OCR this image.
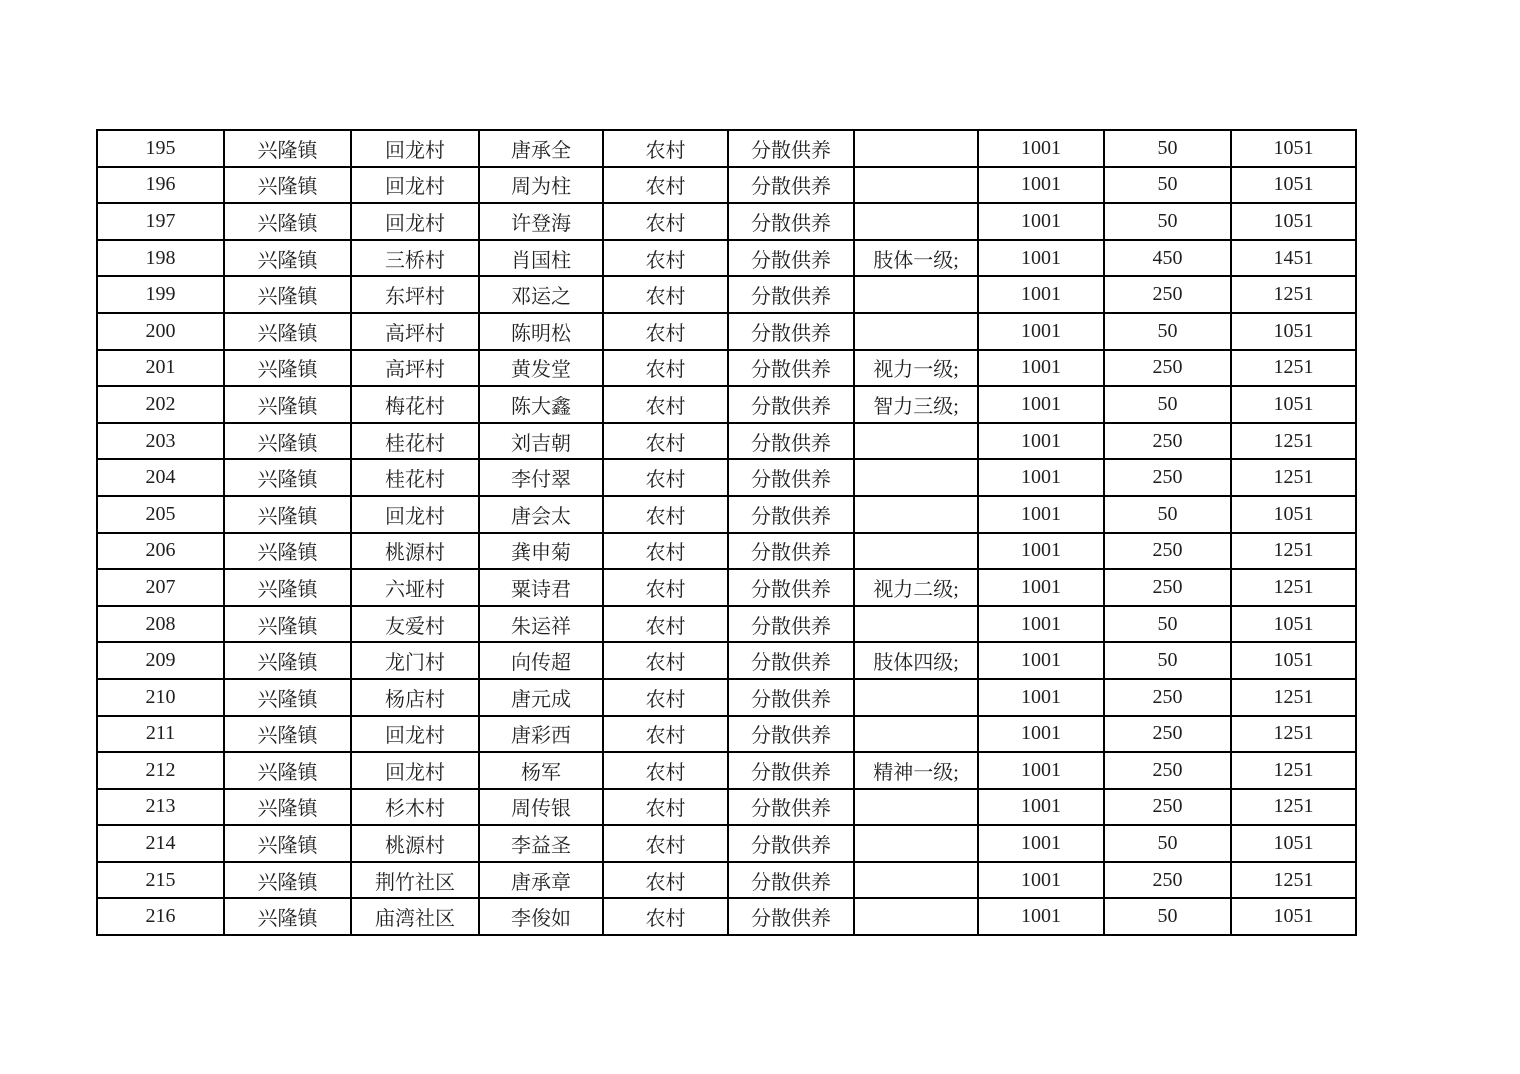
195	兴隆镇	回龙村	唐承全	农村	分散供养		1001	50	1051
196	兴隆镇	回龙村	周为柱	农村	分散供养		1001	50	1051
197	兴隆镇	回龙村	许登海	农村	分散供养		1001	50	1051
198	兴隆镇	三桥村	肖国柱	农村	分散供养	肢体一级;	1001	450	1451
199	兴隆镇	东坪村	邓运之	农村	分散供养		1001	250	1251
200	兴隆镇	高坪村	陈明松	农村	分散供养		1001	50	1051
201	兴隆镇	高坪村	黄发堂	农村	分散供养	视力一级;	1001	250	1251
202	兴隆镇	梅花村	陈大鑫	农村	分散供养	智力三级;	1001	50	1051
203	兴隆镇	桂花村	刘吉朝	农村	分散供养		1001	250	1251
204	兴隆镇	桂花村	李付翠	农村	分散供养		1001	250	1251
205	兴隆镇	回龙村	唐会太	农村	分散供养		1001	50	1051
206	兴隆镇	桃源村	龚申菊	农村	分散供养		1001	250	1251
207	兴隆镇	六垭村	粟诗君	农村	分散供养	视力二级;	1001	250	1251
208	兴隆镇	友爱村	朱运祥	农村	分散供养		1001	50	1051
209	兴隆镇	龙门村	向传超	农村	分散供养	肢体四级;	1001	50	1051
210	兴隆镇	杨店村	唐元成	农村	分散供养		1001	250	1251
211	兴隆镇	回龙村	唐彩西	农村	分散供养		1001	250	1251
212	兴隆镇	回龙村	杨军	农村	分散供养	精神一级;	1001	250	1251
213	兴隆镇	杉木村	周传银	农村	分散供养		1001	250	1251
214	兴隆镇	桃源村	李益圣	农村	分散供养		1001	50	1051
215	兴隆镇	荆竹社区	唐承章	农村	分散供养		1001	250	1251
216	兴隆镇	庙湾社区	李俊如	农村	分散供养		1001	50	1051
